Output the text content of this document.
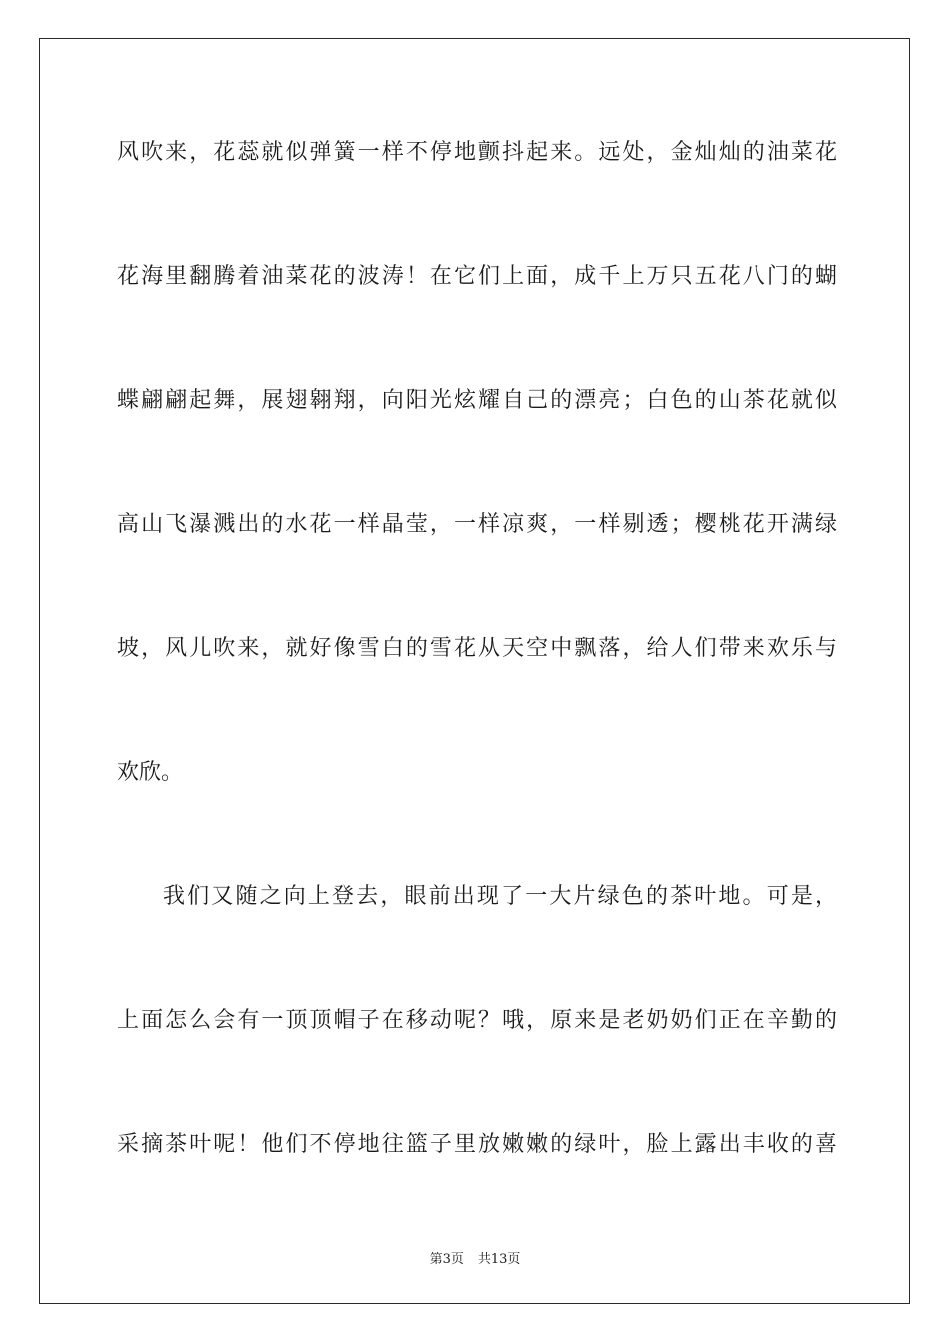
风吹来，花蕊就似弹簧一样不停地颤抖起来。远处，金灿灿的油菜花
花海里翻腾着油菜花的波涛！在它们上面，成千上万只五花八门的蝴
蝶翩翩起舞，展翅翱翔，向阳光炫耀自己的漂亮；白色的山茶花就似
高山飞瀑溅出的水花一样晶莹，一样凉爽，一样剔透；樱桃花开满绿
坡，风儿吹来，就好像雪白的雪花从天空中飘落，给人们带来欢乐与
欢欣。
我们又随之向上登去，眼前出现了一大片绿色的茶叶地。可是，
上面怎么会有一顶顶帽子在移动呢？哦，原来是老奶奶们正在辛勤的
采摘茶叶呢！他们不停地往篮子里放嫩嫩的绿叶，脸上露出丰收的喜
第3页 共13页
